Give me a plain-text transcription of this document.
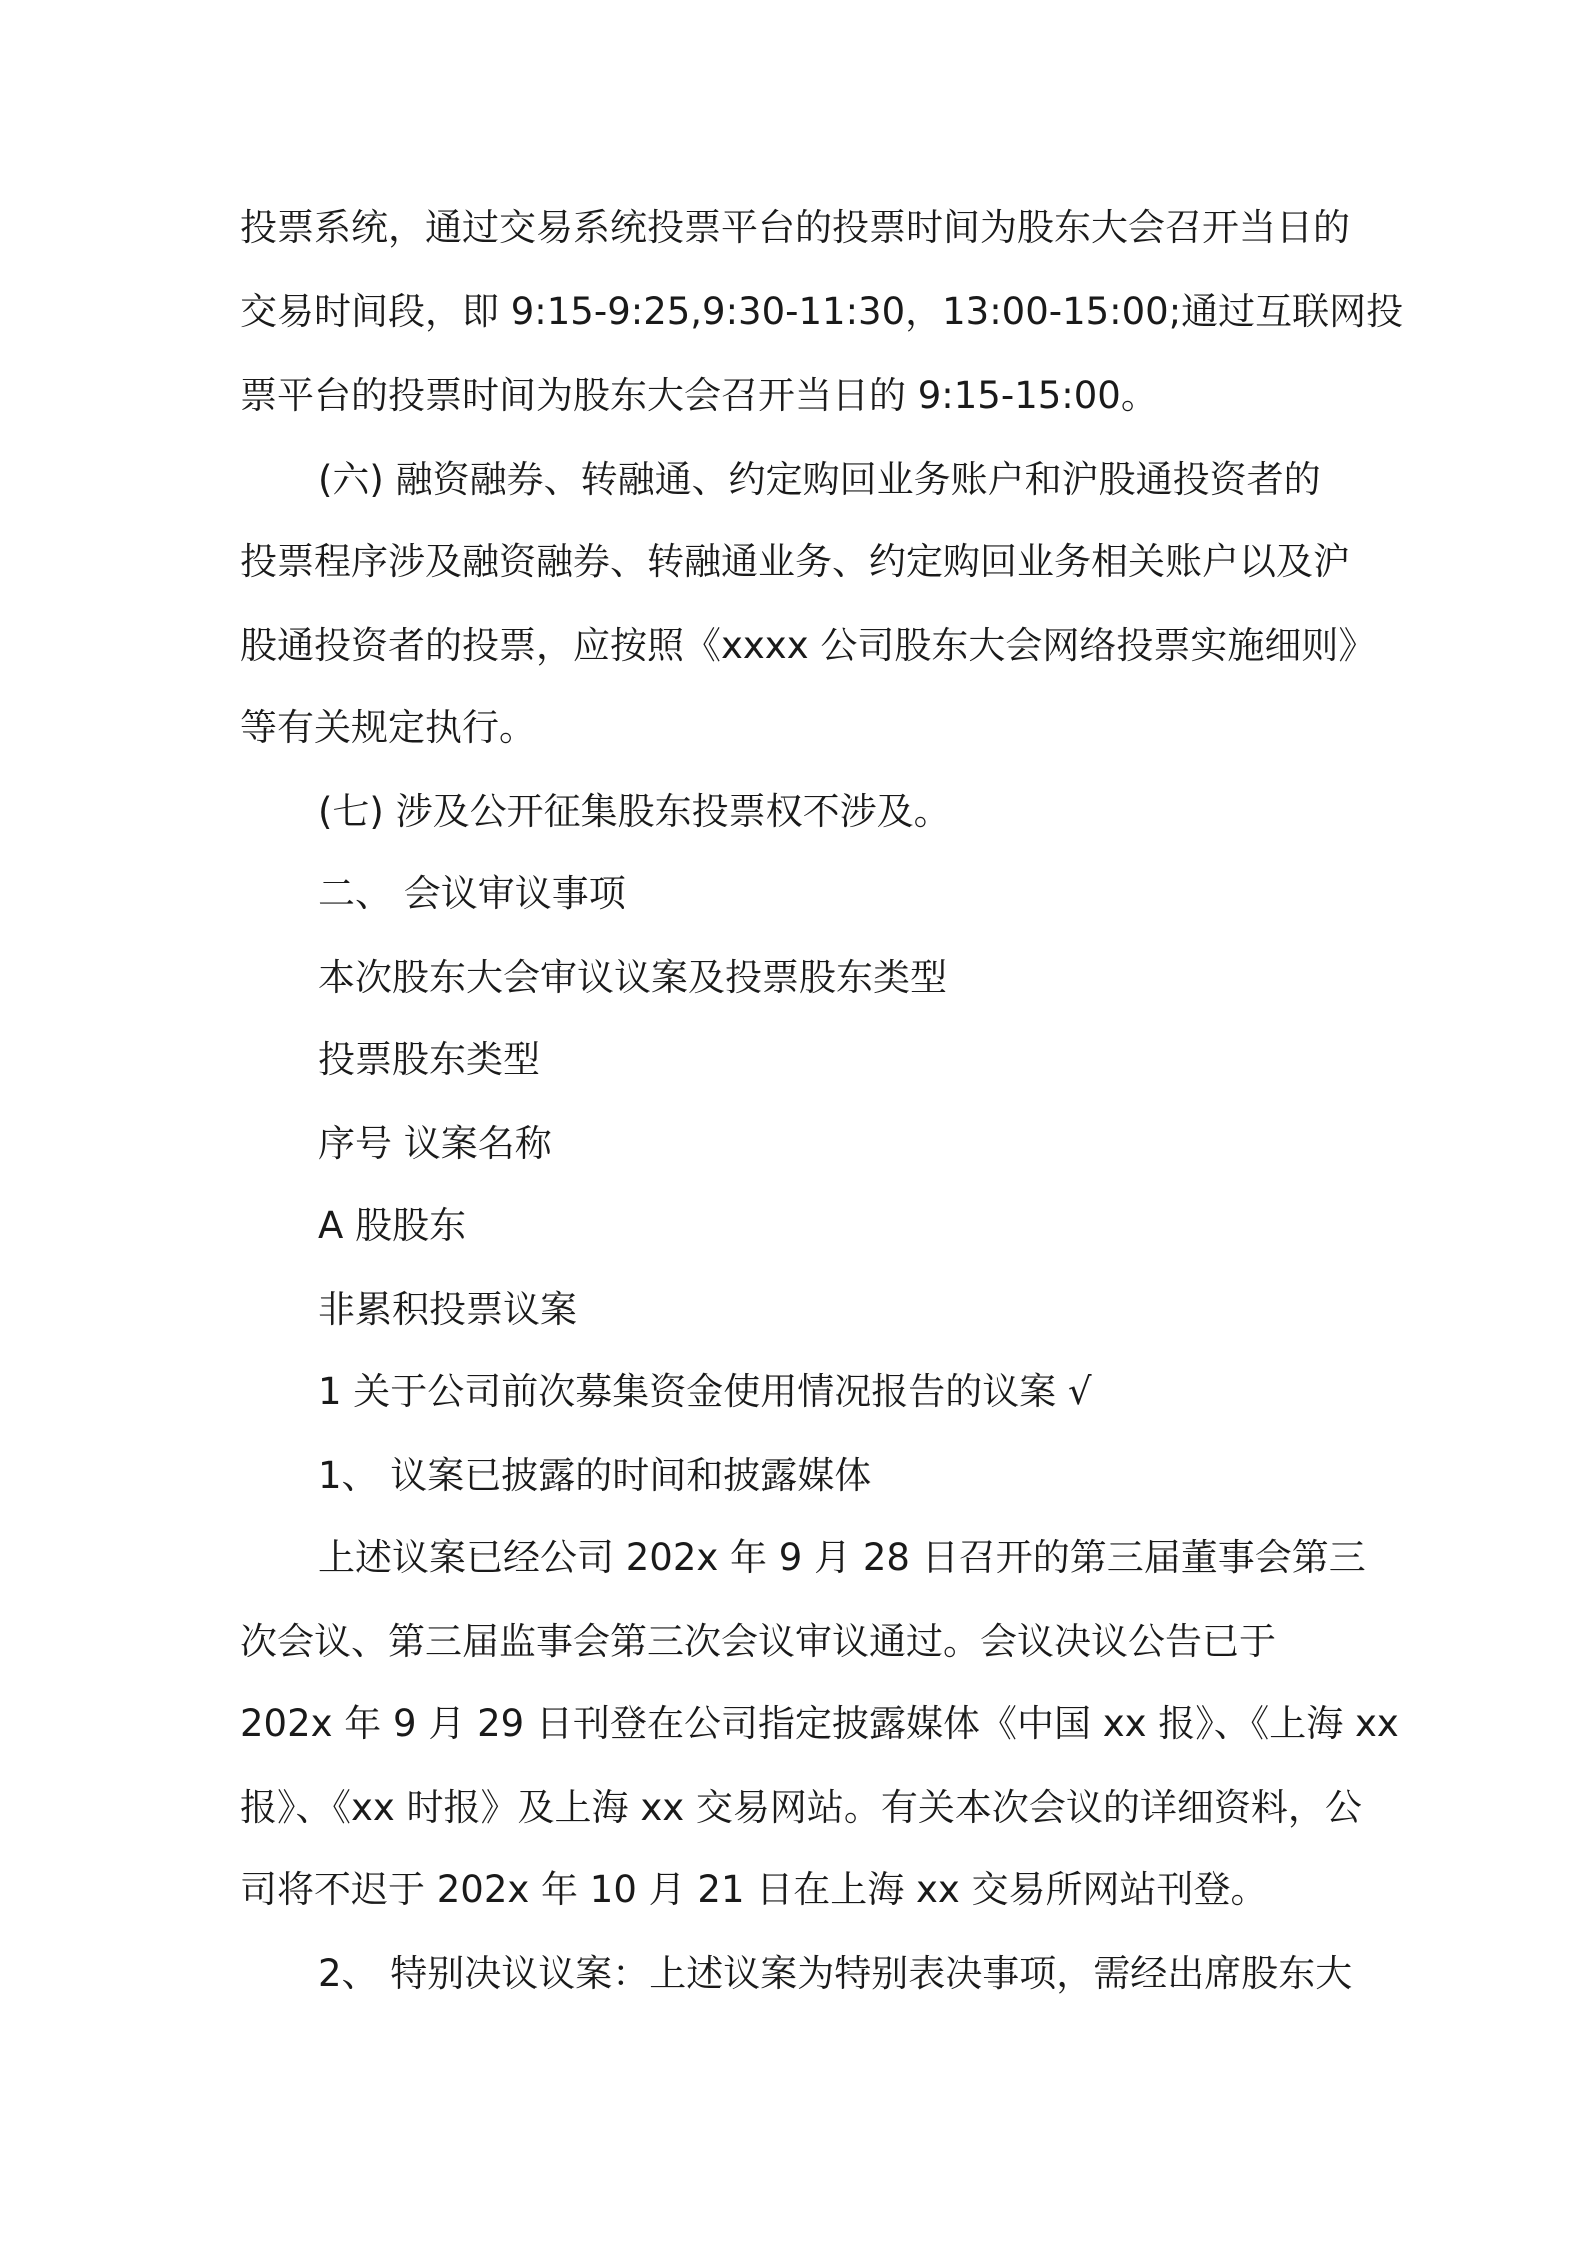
投票系统，通过交易系统投票平台的投票时间为股东大会召开当日的
交易时间段，即 9:15-9:25,9:30-11:30，13:00-15:00;通过互联网投
票平台的投票时间为股东大会召开当日的 9:15-15:00。
(六) 融资融券、转融通、约定购回业务账户和沪股通投资者的
投票程序涉及融资融券、转融通业务、约定购回业务相关账户以及沪
股通投资者的投票，应按照《xxxx 公司股东大会网络投票实施细则》
等有关规定执行。
(七) 涉及公开征集股东投票权不涉及。
二、 会议审议事项
本次股东大会审议议案及投票股东类型
投票股东类型
序号 议案名称
A 股股东
非累积投票议案
1 关于公司前次募集资金使用情况报告的议案 √
1、 议案已披露的时间和披露媒体
上述议案已经公司 202x 年 9 月 28 日召开的第三届董事会第三
次会议、第三届监事会第三次会议审议通过。会议决议公告已于
202x 年 9 月 29 日刊登在公司指定披露媒体《中国 xx 报》、《上海 xx
报》、《xx 时报》及上海 xx 交易网站。有关本次会议的详细资料，公
司将不迟于 202x 年 10 月 21 日在上海 xx 交易所网站刊登。
2、 特别决议议案：上述议案为特别表决事项，需经出席股东大
